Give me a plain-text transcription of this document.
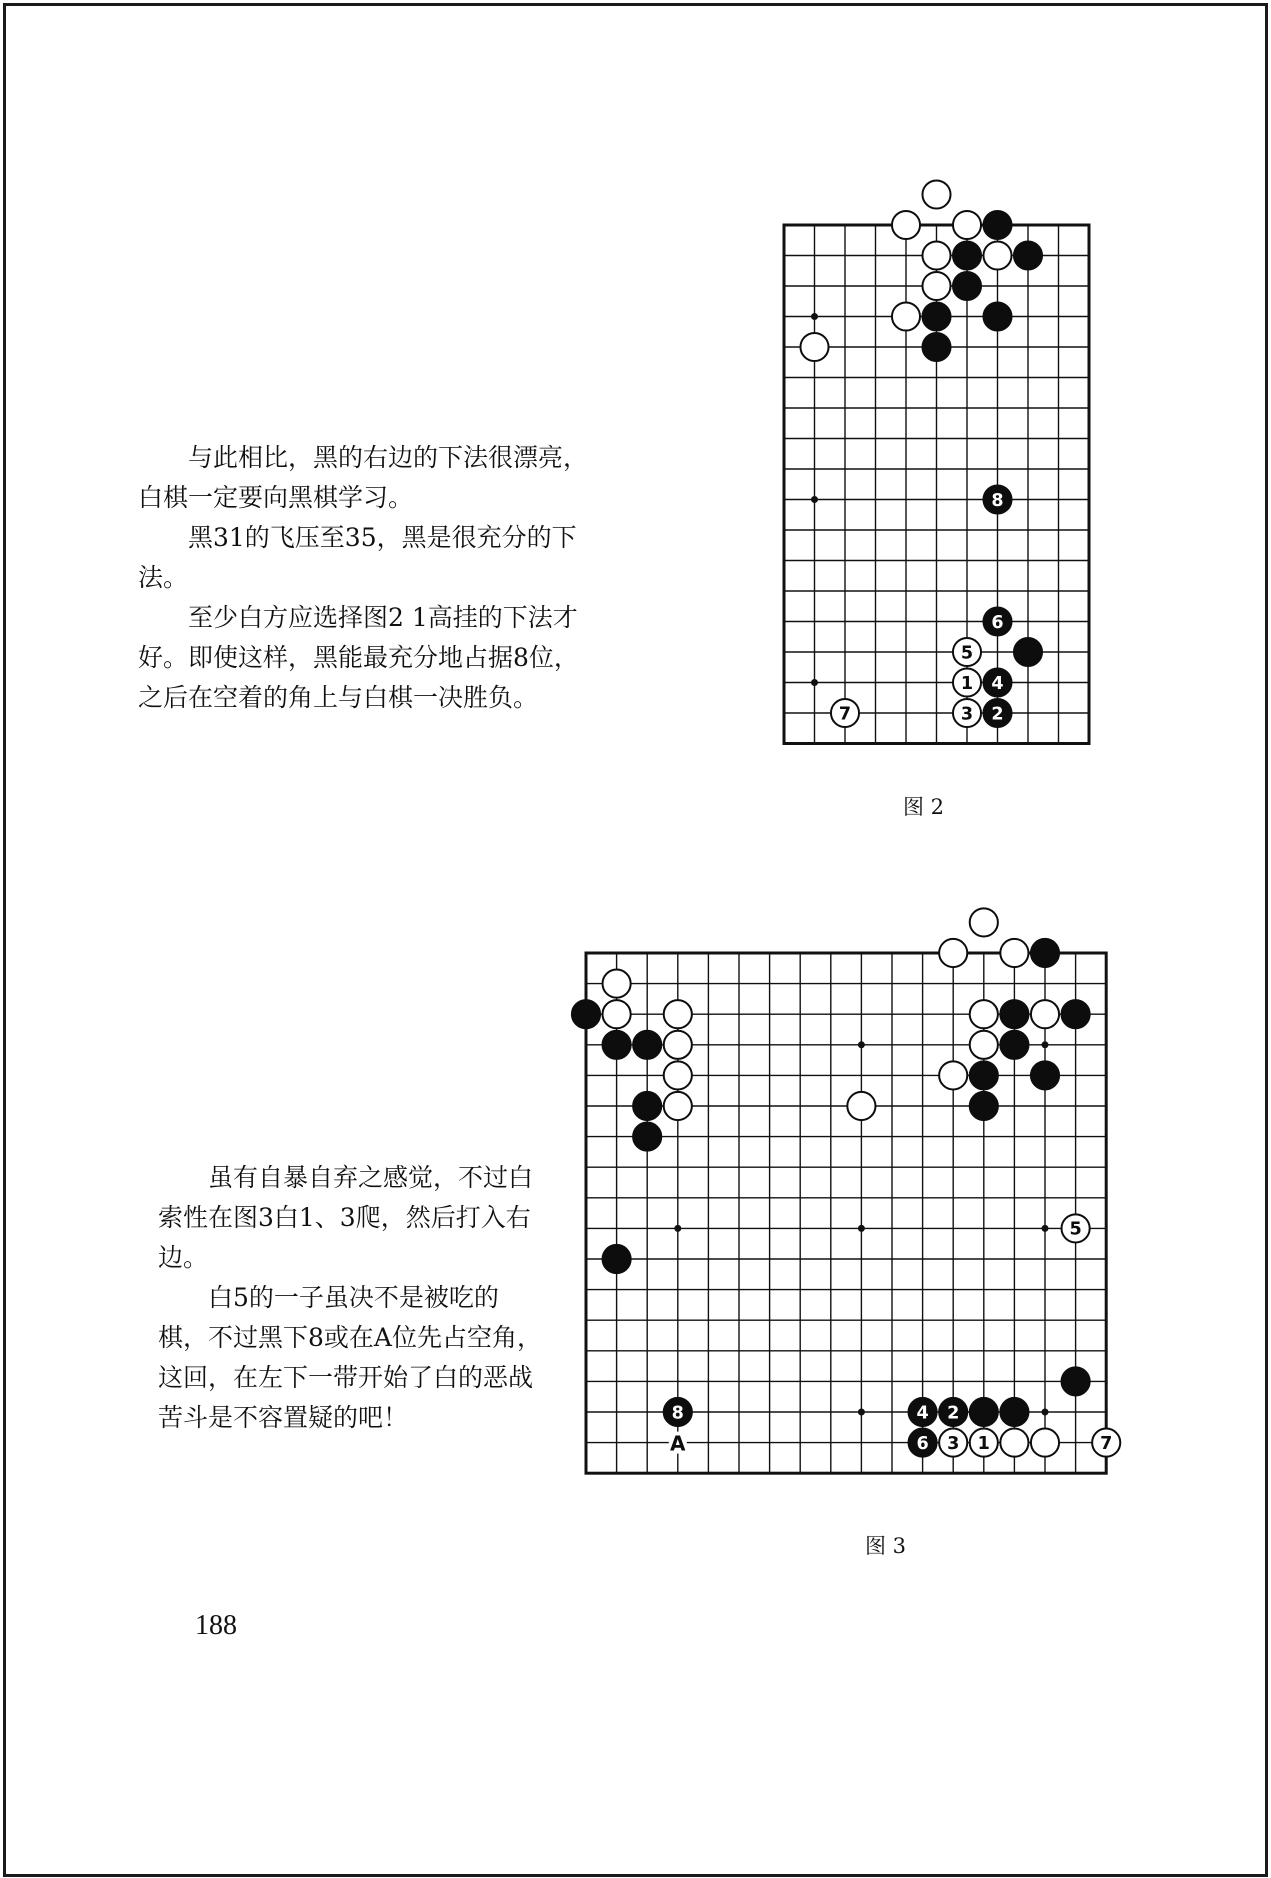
8
6
5
1 4
7	3 2
图 2

与此相比，黑的右边的下法很漂亮，白棋一定要向黑棋学习。

黑31的飞压至35，黑是很充分的下法。

至少白方应选择图2 1高挂的下法才好。即使这样，黑能最充分地占据8位，之后在空着的角上与白棋一决胜负。

5
8	4 2
6 3 1	7
A
图 3

虽有自暴自弃之感觉，不过白索性在图3白1、3爬，然后打入右边。

白5的一子虽决不是被吃的棋，不过黑下8或在A位先占空角，这回，在左下一带开始了白的恶战苦斗是不容置疑的吧！

188
